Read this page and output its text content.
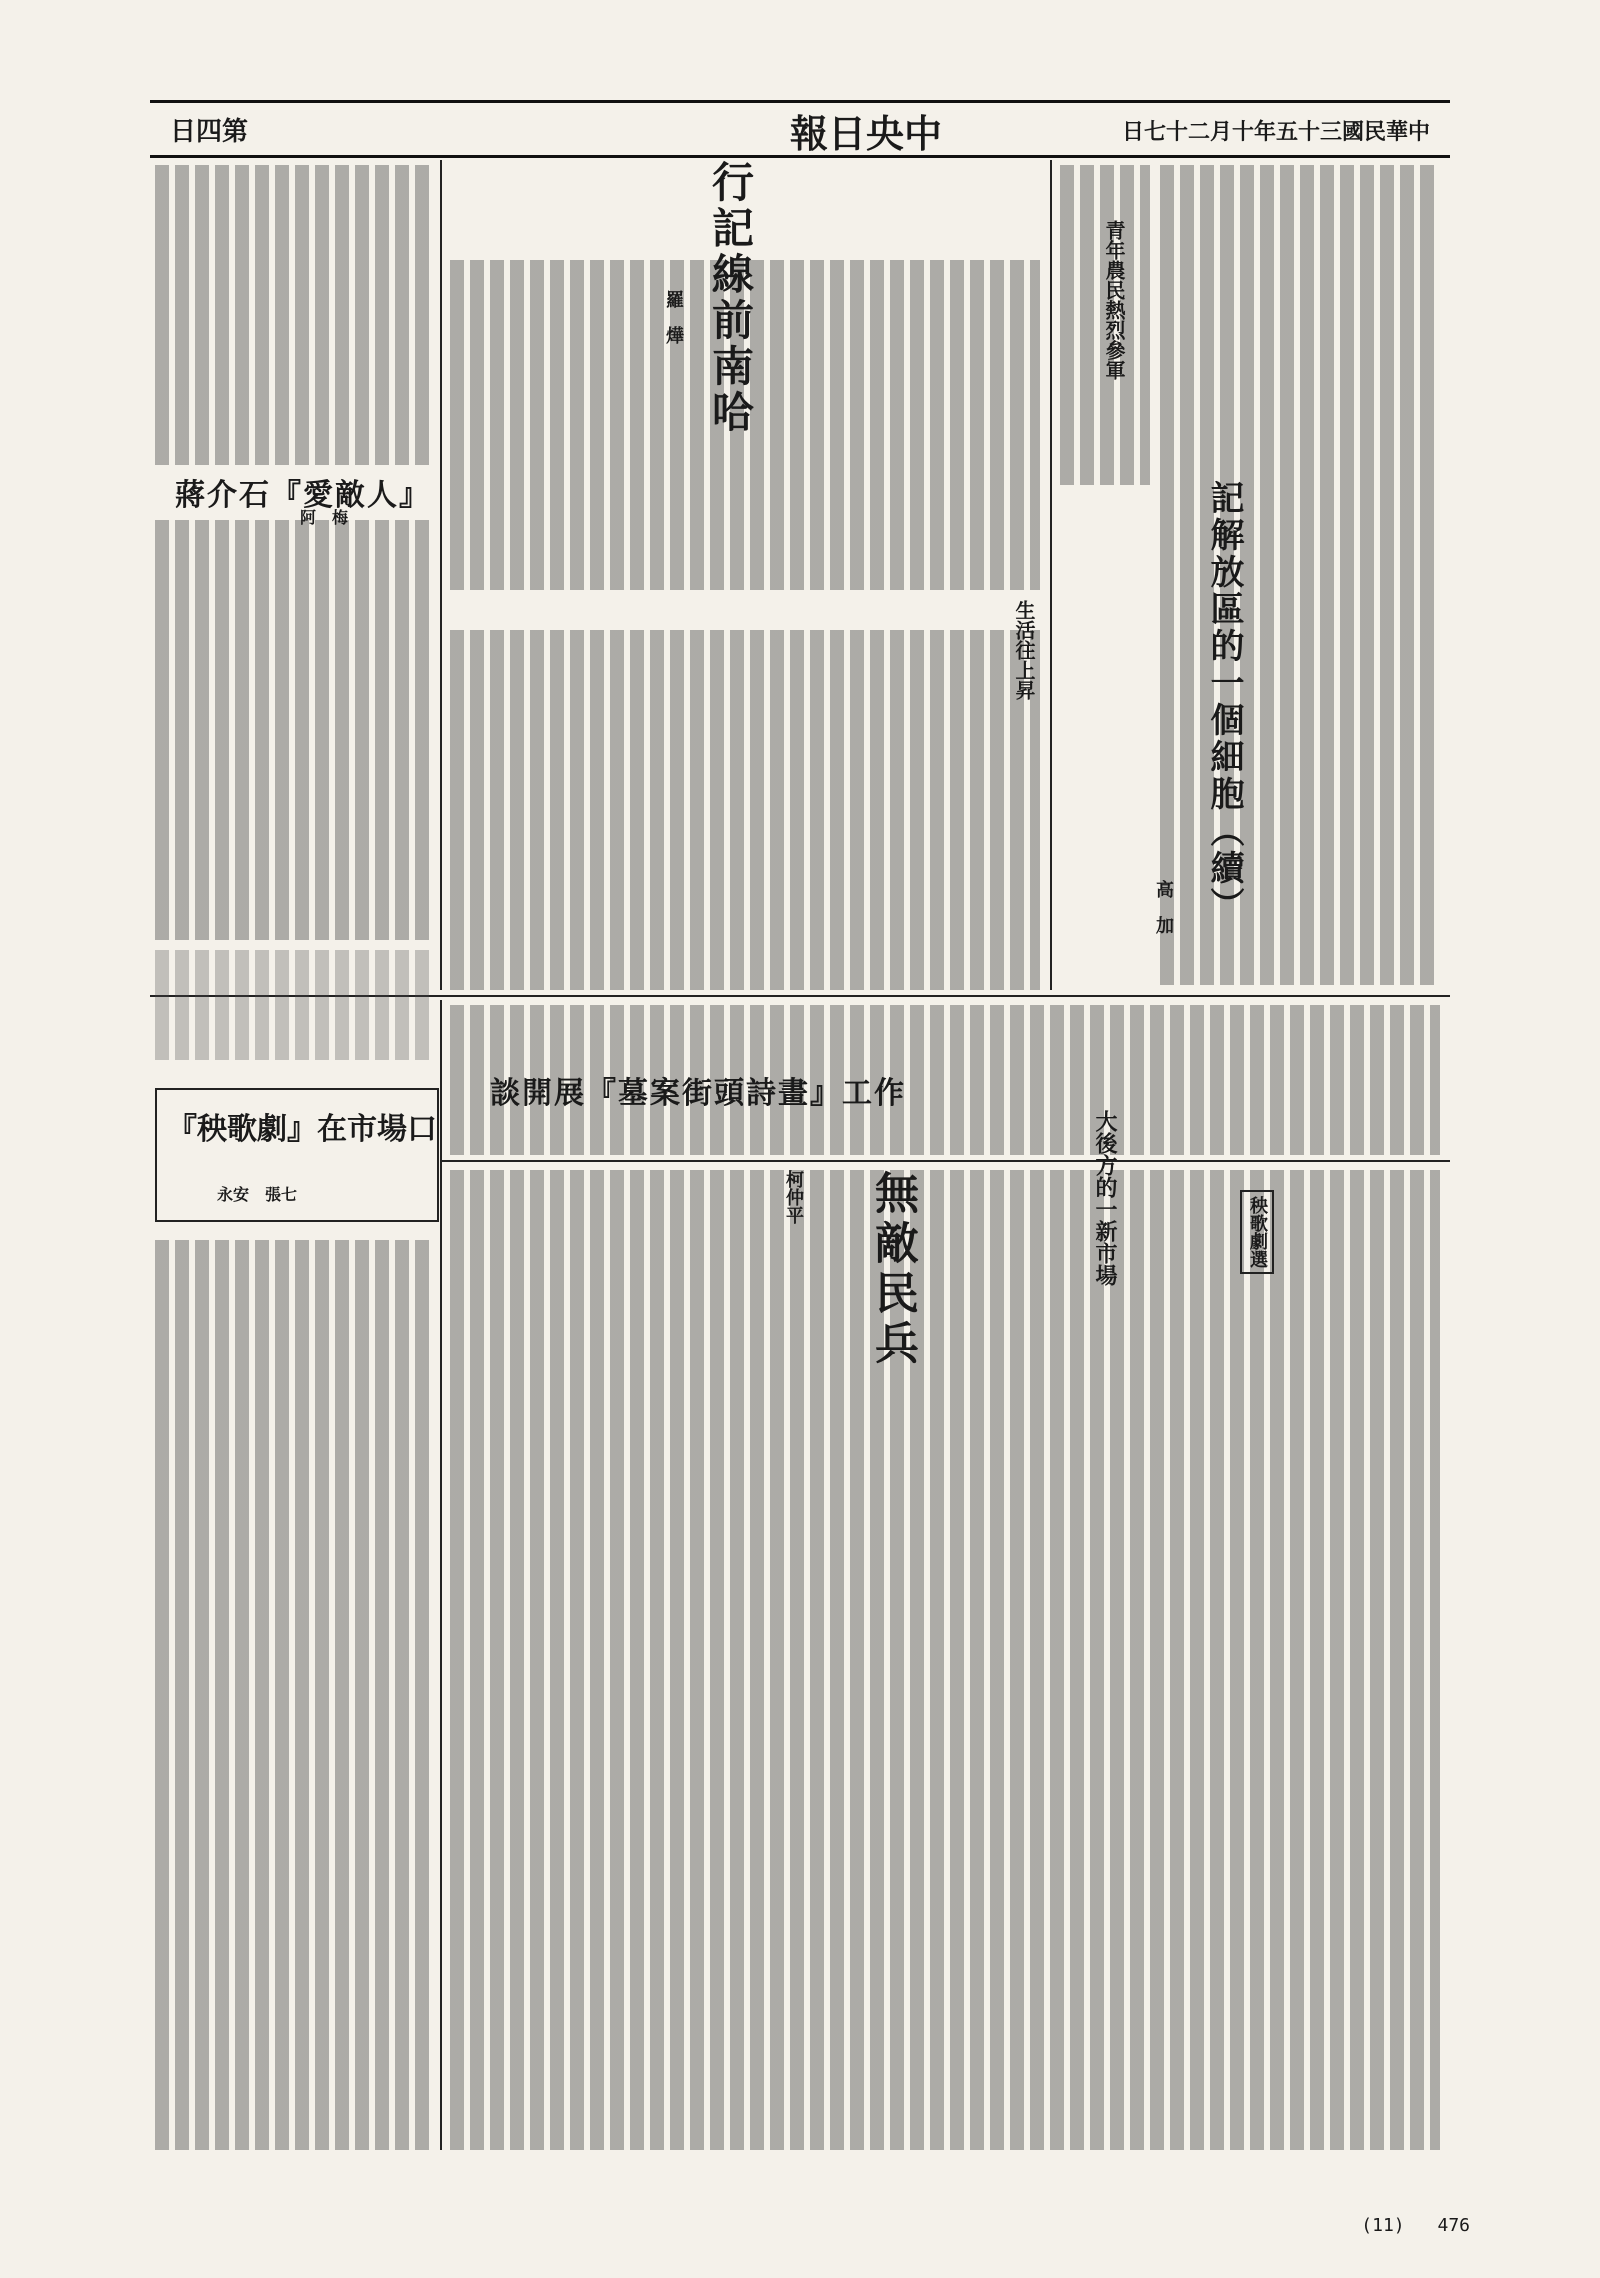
日四第	報日央中	日七十二月十年五十三國民華中
行記線前南哈
羅　燁	青年農民熱烈參軍
記解放區的一個細胞（續）
高　加
生活往上昇
蔣介石『愛敵人』
阿　梅
談開展『墓案街頭詩畫』工作
『秧歌劇』在市場口
永安　張七	無敵民兵
柯仲平	秧歌劇選
大後方的一新市場
(11) 476
